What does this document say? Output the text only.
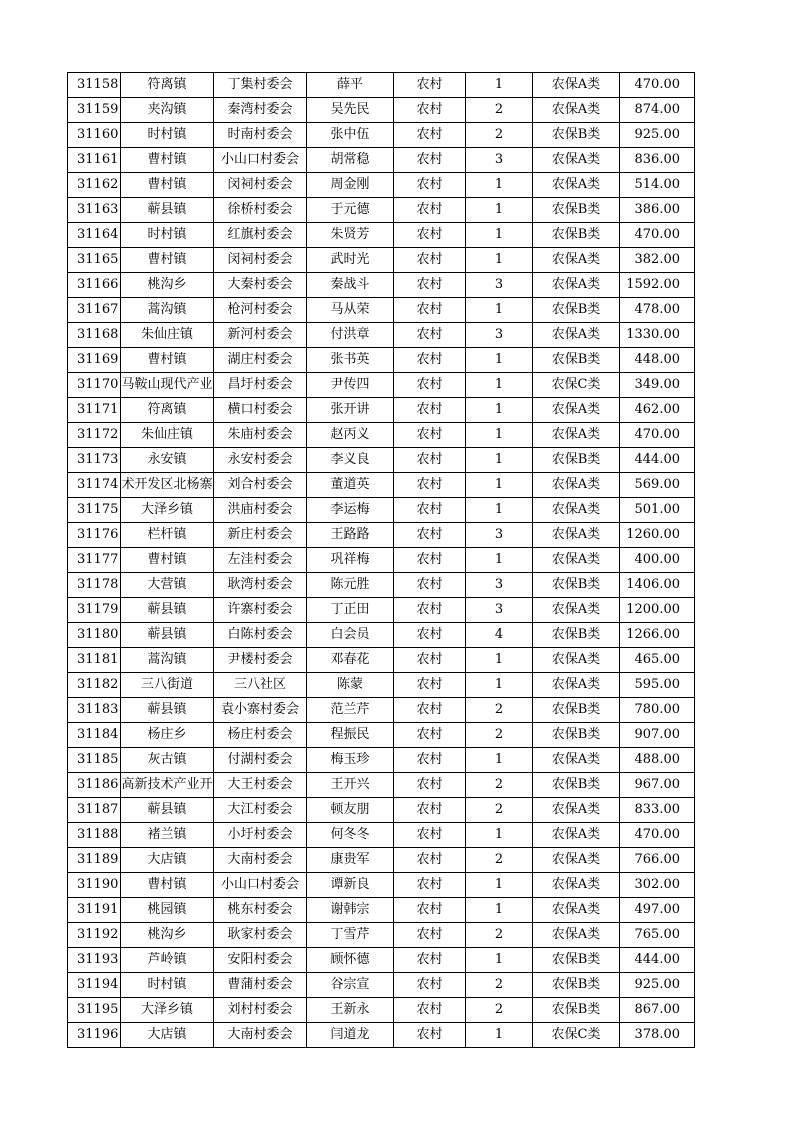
31158	符离镇	丁集村委会	薛平	农村	1	农保A类	470.00
31159	夹沟镇	秦湾村委会	吴先民	农村	2	农保A类	874.00
31160	时村镇	时南村委会	张中伍	农村	2	农保B类	925.00
31161	曹村镇	小山口村委会	胡常稳	农村	3	农保A类	836.00
31162	曹村镇	闵祠村委会	周金刚	农村	1	农保A类	514.00
31163	蕲县镇	徐桥村委会	于元德	农村	1	农保B类	386.00
31164	时村镇	红旗村委会	朱贤芳	农村	1	农保B类	470.00
31165	曹村镇	闵祠村委会	武时光	农村	1	农保A类	382.00
31166	桃沟乡	大秦村委会	秦战斗	农村	3	农保A类	1592.00
31167	蒿沟镇	枪河村委会	马从荣	农村	1	农保B类	478.00
31168	朱仙庄镇	新河村委会	付洪章	农村	3	农保A类	1330.00
31169	曹村镇	湖庄村委会	张书英	农村	1	农保B类	448.00
31170	马鞍山现代产业	昌圩村委会	尹传四	农村	1	农保C类	349.00
31171	符离镇	横口村委会	张开讲	农村	1	农保A类	462.00
31172	朱仙庄镇	朱庙村委会	赵丙义	农村	1	农保A类	470.00
31173	永安镇	永安村委会	李义良	农村	1	农保B类	444.00
31174	术开发区北杨寨	刘合村委会	董道英	农村	1	农保A类	569.00
31175	大泽乡镇	洪庙村委会	李运梅	农村	1	农保A类	501.00
31176	栏杆镇	新庄村委会	王路路	农村	3	农保A类	1260.00
31177	曹村镇	左洼村委会	巩祥梅	农村	1	农保A类	400.00
31178	大营镇	耿湾村委会	陈元胜	农村	3	农保B类	1406.00
31179	蕲县镇	许寨村委会	丁正田	农村	3	农保A类	1200.00
31180	蕲县镇	白陈村委会	白会员	农村	4	农保B类	1266.00
31181	蒿沟镇	尹楼村委会	邓春花	农村	1	农保A类	465.00
31182	三八街道	三八社区	陈蒙	农村	1	农保A类	595.00
31183	蕲县镇	袁小寨村委会	范兰芹	农村	2	农保B类	780.00
31184	杨庄乡	杨庄村委会	程振民	农村	2	农保B类	907.00
31185	灰古镇	付湖村委会	梅玉珍	农村	1	农保A类	488.00
31186	高新技术产业开	大王村委会	王开兴	农村	2	农保B类	967.00
31187	蕲县镇	大江村委会	顿友朋	农村	2	农保A类	833.00
31188	褚兰镇	小圩村委会	何冬冬	农村	1	农保A类	470.00
31189	大店镇	大南村委会	康贵军	农村	2	农保A类	766.00
31190	曹村镇	小山口村委会	谭新良	农村	1	农保A类	302.00
31191	桃园镇	桃东村委会	谢韩宗	农村	1	农保A类	497.00
31192	桃沟乡	耿家村委会	丁雪芹	农村	2	农保A类	765.00
31193	芦岭镇	安阳村委会	顾怀德	农村	1	农保B类	444.00
31194	时村镇	曹蒲村委会	谷宗宣	农村	2	农保B类	925.00
31195	大泽乡镇	刘村村委会	王新永	农村	2	农保B类	867.00
31196	大店镇	大南村委会	闫道龙	农村	1	农保C类	378.00
